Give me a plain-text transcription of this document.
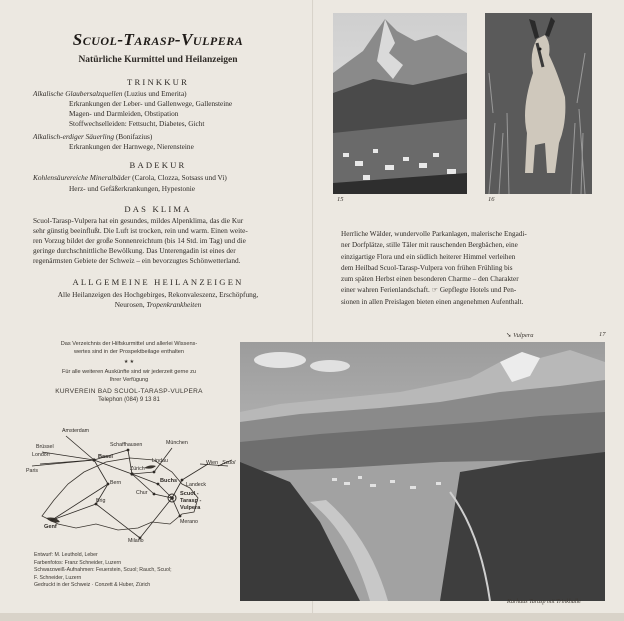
Scuol-Tarasp-Vulpera
Natürliche Kurmittel und Heilanzeigen
TRINKKUR
Alkalische Glaubersalzquellen (Luzius und Emerita)
Erkrankungen der Leber- und Gallenwege, Gallensteine
Magen- und Darmleiden, Obstipation
Stoffwechselleiden: Fettsucht, Diabetes, Gicht
Alkalisch-erdiger Säuerling (Bonifazius)
Erkrankungen der Harnwege, Nierensteine
BADEKUR
Kohlensäurereiche Mineralbäder (Carola, Clozza, Sotsass und Vi)
Herz- und Gefäßerkrankungen, Hypestonie
DAS KLIMA
Scuol-Tarasp-Vulpera hat ein gesundes, mildes Alpenklima, das die Kur
sehr günstig beeinflußt. Die Luft ist trocken, rein und warm. Einen weite-
ren Vorzug bildet der große Sonnenreichtum (bis 14 Std. im Tag) und die
geringe durchschnittliche Bewölkung. Das Unterengadin ist eines der
regenärmsten Gebiete der Schweiz – ein bevorzugtes Schönwetterland.
ALLGEMEINE HEILANZEIGEN
Alle Heilanzeigen des Hochgebirges, Rekonvaleszenz, Erschöpfung,
Neurosen, Tropenkrankheiten
Das Verzeichnis der Hilfskurmittel und allerlei Wissens-
wertes sind in der Prospektbeilage enthalten
★ ★
Für alle weiteren Auskünfte sind wir jederzeit gerne zu
Ihrer Verfügung
KURVEREIN BAD SCUOL-TARASP-VULPERA
Telephon (084) 9 13 81
Amsterdam
Brüssel
London
Paris
Basel
Schaffhausen	München
Wien
Lindau
Zürich
Buchs
Landeck
Bern
Chur
Brig
Genf
Milano
Merano
Scuol -
Tarasp -
Vulpera
Scuol
Entwurf: M. Leuthold, Leber
Farbenfotos: Franz Schneider, Luzern
Schwarzweiß-Aufnahmen: Feuerstein, Scuol; Rauch, Scuol;
F. Schneider, Luzern
Gedruckt in der Schweiz · Conzett & Huber, Zürich
15	16
Herrliche Wälder, wundervolle Parkanlagen, malerische Engadi-
ner Dorfplätze, stille Täler mit rauschenden Bergbächen, eine
einzigartige Flora und ein südlich heiterer Himmel verleihen
dem Heilbad Scuol-Tarasp-Vulpera von frühen Frühling bis
zum späten Herbst einen besonderen Charme – den Charakter
einer wahren Ferienlandschaft. ☞ Gepflegte Hotels und Pen-
sionen in allen Preislagen bieten einen angenehmen Aufenthalt.
➘ Vulpera	17
Kurhaus Tarasp mit Trinkhalle
